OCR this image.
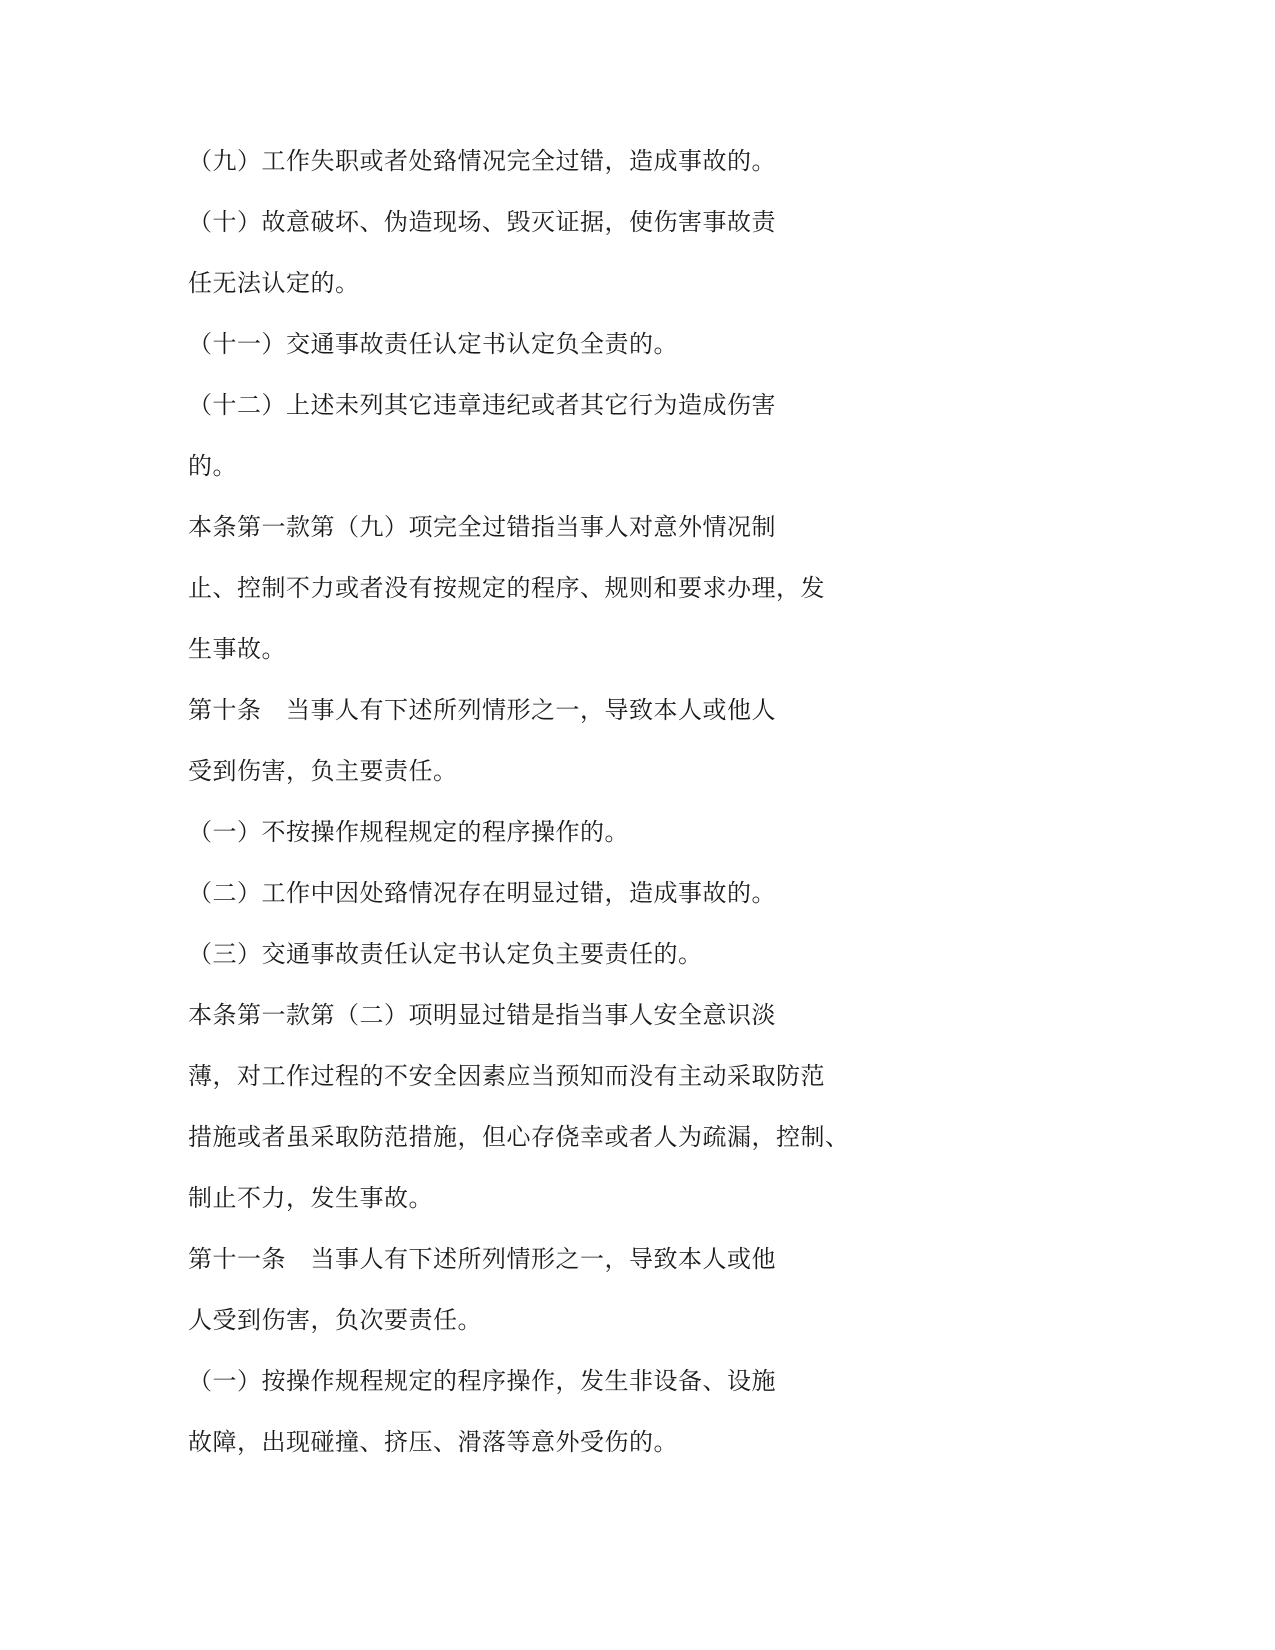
（九）工作失职或者处臵情况完全过错，造成事故的。
（十）故意破坏、伪造现场、毁灭证据，使伤害事故责
任无法认定的。
（十一）交通事故责任认定书认定负全责的。
（十二）上述未列其它违章违纪或者其它行为造成伤害
的。
本条第一款第（九）项完全过错指当事人对意外情况制
止、控制不力或者没有按规定的程序、规则和要求办理，发
生事故。
第十条　当事人有下述所列情形之一，导致本人或他人
受到伤害，负主要责任。
（一）不按操作规程规定的程序操作的。
（二）工作中因处臵情况存在明显过错，造成事故的。
（三）交通事故责任认定书认定负主要责任的。
本条第一款第（二）项明显过错是指当事人安全意识淡
薄，对工作过程的不安全因素应当预知而没有主动采取防范
措施或者虽采取防范措施，但心存侥幸或者人为疏漏，控制、
制止不力，发生事故。
第十一条　当事人有下述所列情形之一，导致本人或他
人受到伤害，负次要责任。
（一）按操作规程规定的程序操作，发生非设备、设施
故障，出现碰撞、挤压、滑落等意外受伤的。
